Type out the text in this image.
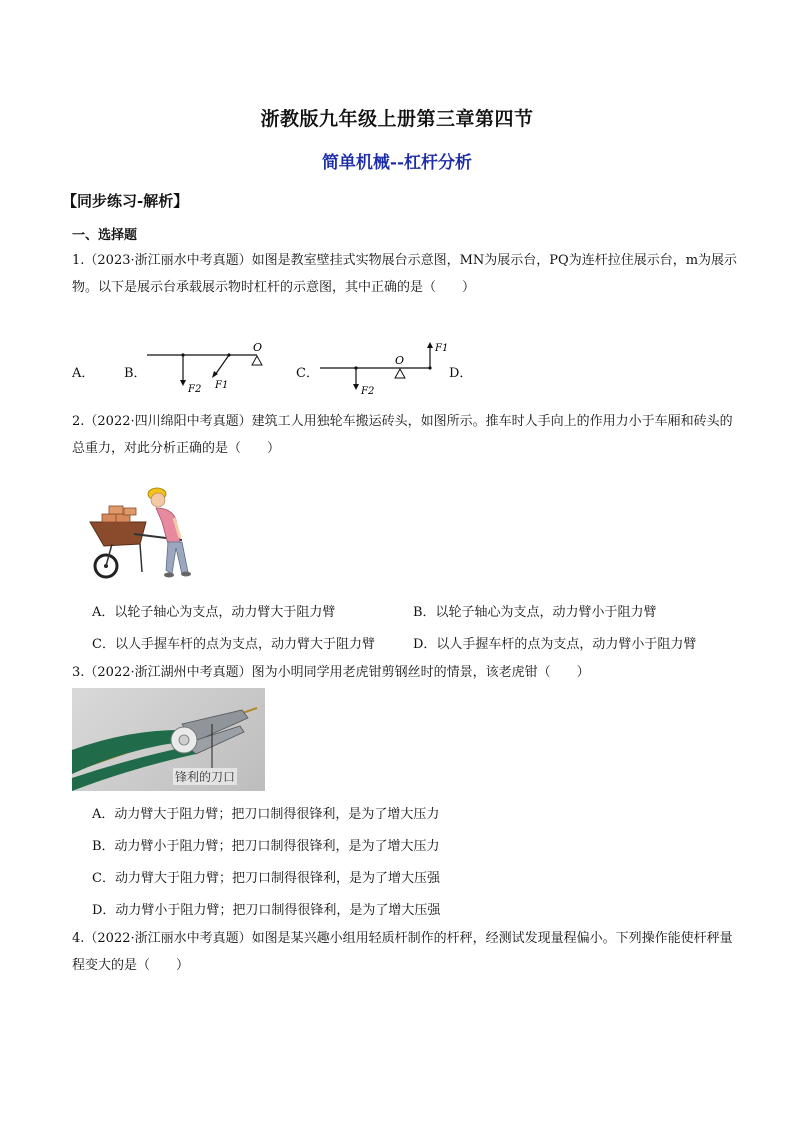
浙教版九年级上册第三章第四节
简单机械--杠杆分析
【同步练习-解析】
一、选择题
1.（2023·浙江丽水中考真题）如图是教室壁挂式实物展台示意图，MN为展示台，PQ为连杆拉住展示台，m为展示物。以下是展示台承载展示物时杠杆的示意图，其中正确的是（　　）
A． B．	C．	D．
O
F2 F1
O
F2
F1
2.（2022·四川绵阳中考真题）建筑工人用独轮车搬运砖头，如图所示。推车时人手向上的作用力小于车厢和砖头的总重力，对此分析正确的是（　　）
A．以轮子轴心为支点，动力臂大于阻力臂	B．以轮子轴心为支点，动力臂小于阻力臂
C．以人手握车杆的点为支点，动力臂大于阻力臂	D．以人手握车杆的点为支点，动力臂小于阻力臂
3.（2022·浙江湖州中考真题）图为小明同学用老虎钳剪钢丝时的情景，该老虎钳（　　）
锋利的刀口
A．动力臂大于阻力臂；把刀口制得很锋利，是为了增大压力
B．动力臂小于阻力臂；把刀口制得很锋利，是为了增大压力
C．动力臂大于阻力臂；把刀口制得很锋利，是为了增大压强
D．动力臂小于阻力臂；把刀口制得很锋利，是为了增大压强
4.（2022·浙江丽水中考真题）如图是某兴趣小组用轻质杆制作的杆秤，经测试发现量程偏小。下列操作能使杆秤量程变大的是（　　）
